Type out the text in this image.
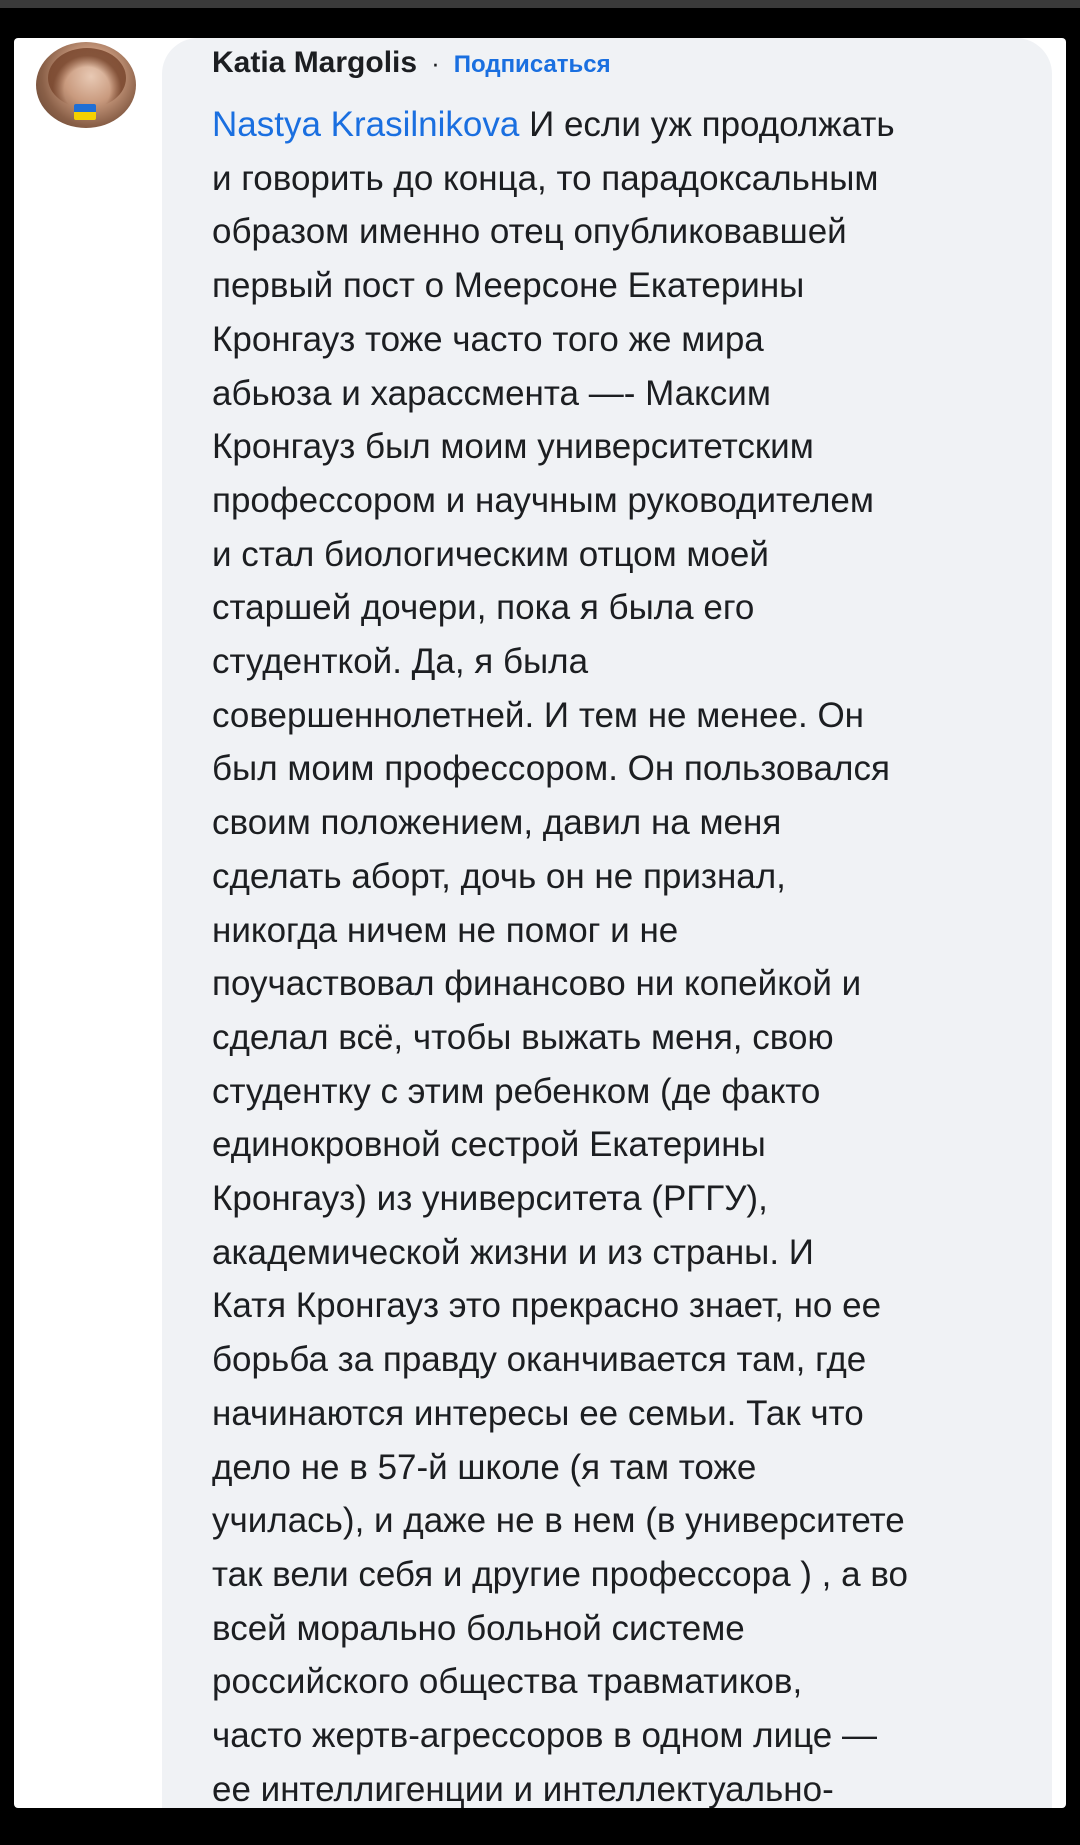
Katia Margolis · Подписаться
Nastya Krasilnikova И если уж продолжать
и говорить до конца, то парадоксальным
образом именно отец опубликовавшей
первый пост о Меерсоне Екатерины
Кронгауз тоже часто того же мира
абьюза и харассмента —- Максим
Кронгауз был моим университетским
профессором и научным руководителем
и стал биологическим отцом моей
старшей дочери, пока я была его
студенткой. Да, я была
совершеннолетней. И тем не менее. Он
был моим профессором. Он пользовался
своим положением, давил на меня
сделать аборт, дочь он не признал,
никогда ничем не помог и не
поучаствовал финансово ни копейкой и
сделал всё, чтобы выжать меня, свою
студентку с этим ребенком (де факто
единокровной сестрой Екатерины
Кронгауз) из университета (РГГУ),
академической жизни и из страны. И
Катя Кронгауз это прекрасно знает, но ее
борьба за правду оканчивается там, где
начинаются интересы ее семьи. Так что
дело не в 57-й школе (я там тоже
училась), и даже не в нем (в университете
так вели себя и другие профессора ) , а во
всей морально больной системе
российского общества травматиков,
часто жертв-агрессоров в одном лице —
ее интеллигенции и интеллектуально-
